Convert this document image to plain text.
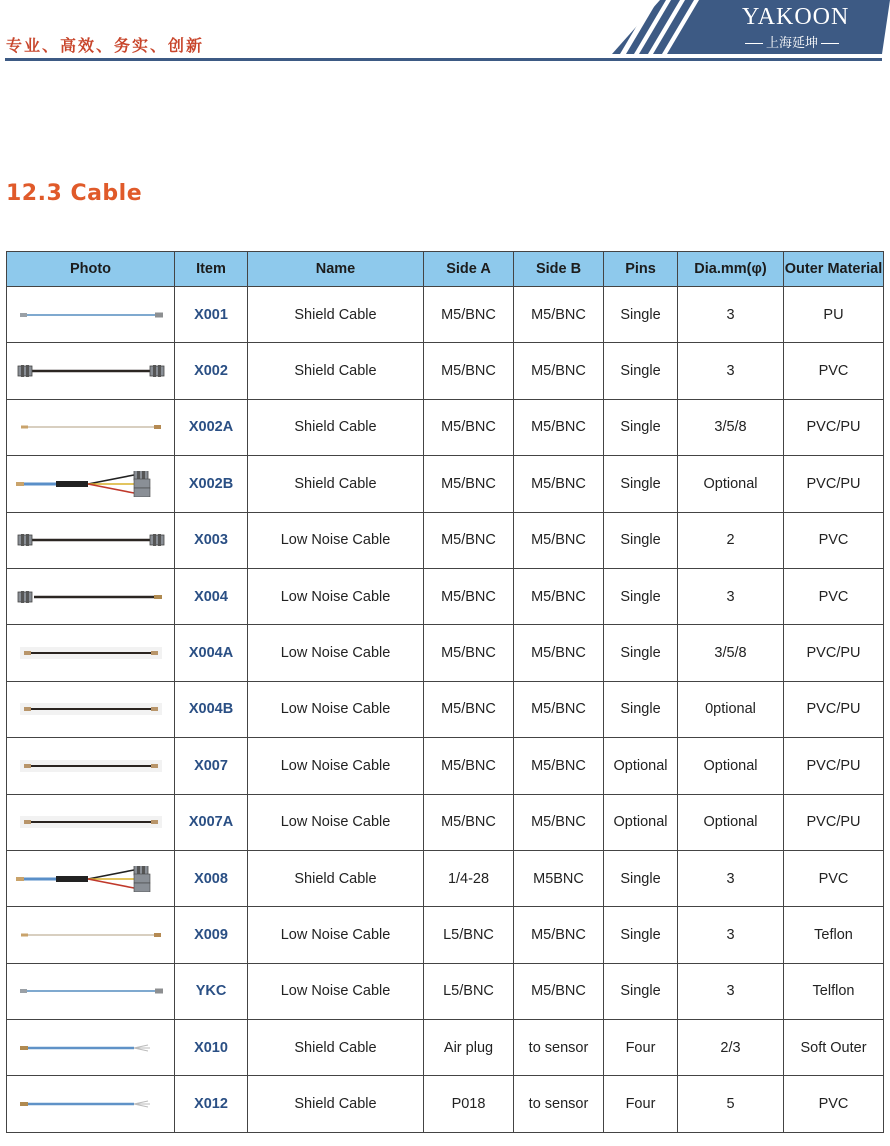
专业、高效、务实、创新
YAKOON
上海延坤
12.3 Cable
Photo	Item	Name	Side A	Side B	Pins	Dia.mm(φ)	Outer Material

	X001	Shield Cable	M5/BNC	M5/BNC	Single	3	PU

	X002	Shield Cable	M5/BNC	M5/BNC	Single	3	PVC

	X002A	Shield Cable	M5/BNC	M5/BNC	Single	3/5/8	PVC/PU

	X002B	Shield Cable	M5/BNC	M5/BNC	Single	Optional	PVC/PU

	X003	Low Noise Cable	M5/BNC	M5/BNC	Single	2	PVC

	X004	Low Noise Cable	M5/BNC	M5/BNC	Single	3	PVC

	X004A	Low Noise Cable	M5/BNC	M5/BNC	Single	3/5/8	PVC/PU

	X004B	Low Noise Cable	M5/BNC	M5/BNC	Single	0ptional	PVC/PU

	X007	Low Noise Cable	M5/BNC	M5/BNC	Optional	Optional	PVC/PU

	X007A	Low Noise Cable	M5/BNC	M5/BNC	Optional	Optional	PVC/PU

	X008	Shield Cable	1/4-28	M5BNC	Single	3	PVC

	X009	Low Noise Cable	L5/BNC	M5/BNC	Single	3	Teflon

	YKC	Low Noise Cable	L5/BNC	M5/BNC	Single	3	Telflon

	X010	Shield Cable	Air plug	to sensor	Four	2/3	Soft Outer

	X012	Shield Cable	P018	to sensor	Four	5	PVC
